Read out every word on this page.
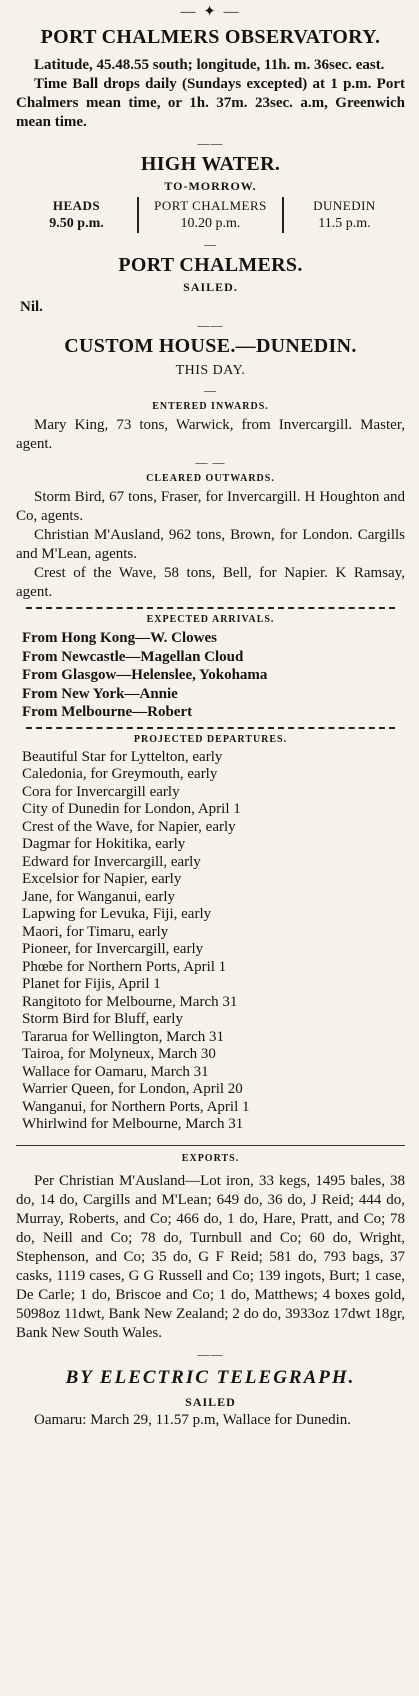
— ✦ —
PORT CHALMERS OBSERVATORY.

Latitude, 45.48.55 south; longitude, 11h. m. 36sec. east.

Time Ball drops daily (Sundays excepted) at 1 p.m. Port Chalmers mean time, or 1h. 37m. 23sec. a.m, Greenwich mean time.

——
HIGH WATER.

TO-MORROW.

HEADS
9.50 p.m.
PORT CHALMERS
10.20 p.m.
DUNEDIN
11.5 p.m.
—
PORT CHALMERS.

SAILED.

Nil.

——
CUSTOM HOUSE.—DUNEDIN.

THIS DAY.

—

ENTERED INWARDS.

Mary King, 73 tons, Warwick, from Invercargill. Master, agent.

— —

CLEARED OUTWARDS.

Storm Bird, 67 tons, Fraser, for Invercargill. H Houghton and Co, agents.

Christian M'Ausland, 962 tons, Brown, for London. Cargills and M'Lean, agents.

Crest of the Wave, 58 tons, Bell, for Napier. K Ramsay, agent.

EXPECTED ARRIVALS.

From Hong Kong—W. Clowes
From Newcastle—Magellan Cloud
From Glasgow—Helenslee, Yokohama
From New York—Annie
From Melbourne—Robert

PROJECTED DEPARTURES.

Beautiful Star for Lyttelton, early
Caledonia, for Greymouth, early
Cora for Invercargill early
City of Dunedin for London, April 1
Crest of the Wave, for Napier, early
Dagmar for Hokitika, early
Edward for Invercargill, early
Excelsior for Napier, early
Jane, for Wanganui, early
Lapwing for Levuka, Fiji, early
Maori, for Timaru, early
Pioneer, for Invercargill, early
Phœbe for Northern Ports, April 1
Planet for Fijis, April 1
Rangitoto for Melbourne, March 31
Storm Bird for Bluff, early
Tararua for Wellington, March 31
Tairoa, for Molyneux, March 30
Wallace for Oamaru, March 31
Warrier Queen, for London, April 20
Wanganui, for Northern Ports, April 1
Whirlwind for Melbourne, March 31

EXPORTS.

Per Christian M'Ausland—Lot iron, 33 kegs, 1495 bales, 38 do, 14 do, Cargills and M'Lean; 649 do, 36 do, J Reid; 444 do, Murray, Roberts, and Co; 466 do, 1 do, Hare, Pratt, and Co; 78 do, Neill and Co; 78 do, Turnbull and Co; 60 do, Wright, Stephenson, and Co; 35 do, G F Reid; 581 do, 793 bags, 37 casks, 1119 cases, G G Russell and Co; 139 ingots, Burt; 1 case, De Carle; 1 do, Briscoe and Co; 1 do, Matthews; 4 boxes gold, 5098oz 11dwt, Bank New Zealand; 2 do do, 3933oz 17dwt 18gr, Bank New South Wales.

——
BY ELECTRIC TELEGRAPH.

SAILED

Oamaru: March 29, 11.57 p.m, Wallace for Dunedin.
